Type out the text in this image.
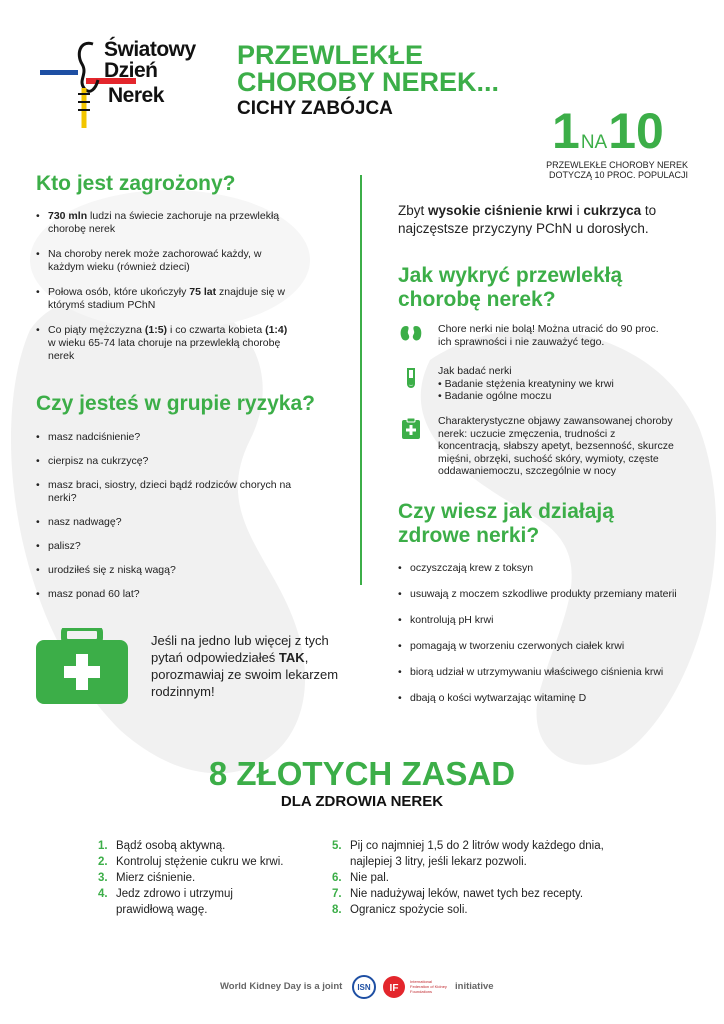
Światowy
Dzień
Nerek
PRZEWLEKŁE
CHOROBY NEREK...
CICHY ZABÓJCA	1NA10
PRZEWLEKŁE CHOROBY NEREK
DOTYCZĄ 10 PROC. POPULACJI
Kto jest zagrożony?
• 730 mln ludzi na świecie zachoruje na przewlekłą chorobę nerek
• Na choroby nerek może zachorować każdy, w każdym wieku (również dzieci)
• Połowa osób, które ukończyły 75 lat znajduje się w którymś stadium PChN
• Co piąty mężczyzna (1:5) i co czwarta kobieta (1:4) w wieku 65-74 lata choruje na przewlekłą chorobę nerek
Czy jesteś w grupie ryzyka?
• masz nadciśnienie?
• cierpisz na cukrzycę?
• masz braci, siostry, dzieci bądź rodziców chorych na nerki?
• nasz nadwagę?
• palisz?
• urodziłeś się z niską wagą?
• masz ponad 60 lat?
Jeśli na jedno lub więcej z tych pytań odpowiedziałeś TAK, porozmawiaj ze swoim lekarzem rodzinnym!
Zbyt wysokie ciśnienie krwi i cukrzyca to najczęstsze przyczyny PChN u dorosłych.
Jak wykryć przewlekłą
chorobę nerek?
Chore nerki nie bolą! Można utracić do 90 proc.
ich sprawności i nie zauważyć tego.
Jak badać nerki
• Badanie stężenia kreatyniny we krwi
• Badanie ogólne moczu
Charakterystyczne objawy zawansowanej choroby
nerek: uczucie zmęczenia, trudności z
koncentracją, słabszy apetyt, bezsenność, skurcze
mięśni, obrzęki, suchość skóry, wymioty, częste
oddawaniemoczu, szczególnie w nocy
Czy wiesz jak działają
zdrowe nerki?
• oczyszczają krew z toksyn
• usuwają z moczem szkodliwe produkty przemiany materii
• kontrolują pH krwi
• pomagają w tworzeniu czerwonych ciałek krwi
• biorą udział w utrzymywaniu właściwego ciśnienia krwi
• dbają o kości wytwarzając witaminę D
8 ZŁOTYCH ZASAD
DLA ZDROWIA NEREK
1. Bądź osobą aktywną.
2. Kontroluj stężenie cukru we krwi.
3. Mierz ciśnienie.
4. Jedz zdrowo i utrzymuj
prawidłową wagę.
5. Pij co najmniej 1,5 do 2 litrów wody każdego dnia,
najlepiej 3 litry, jeśli lekarz pozwoli.
6. Nie pal.
7. Nie nadużywaj leków, nawet tych bez recepty.
8. Ogranicz spożycie soli.
World Kidney Day is a joint ISN IF
International Federation of Kidney Foundations	initiative
